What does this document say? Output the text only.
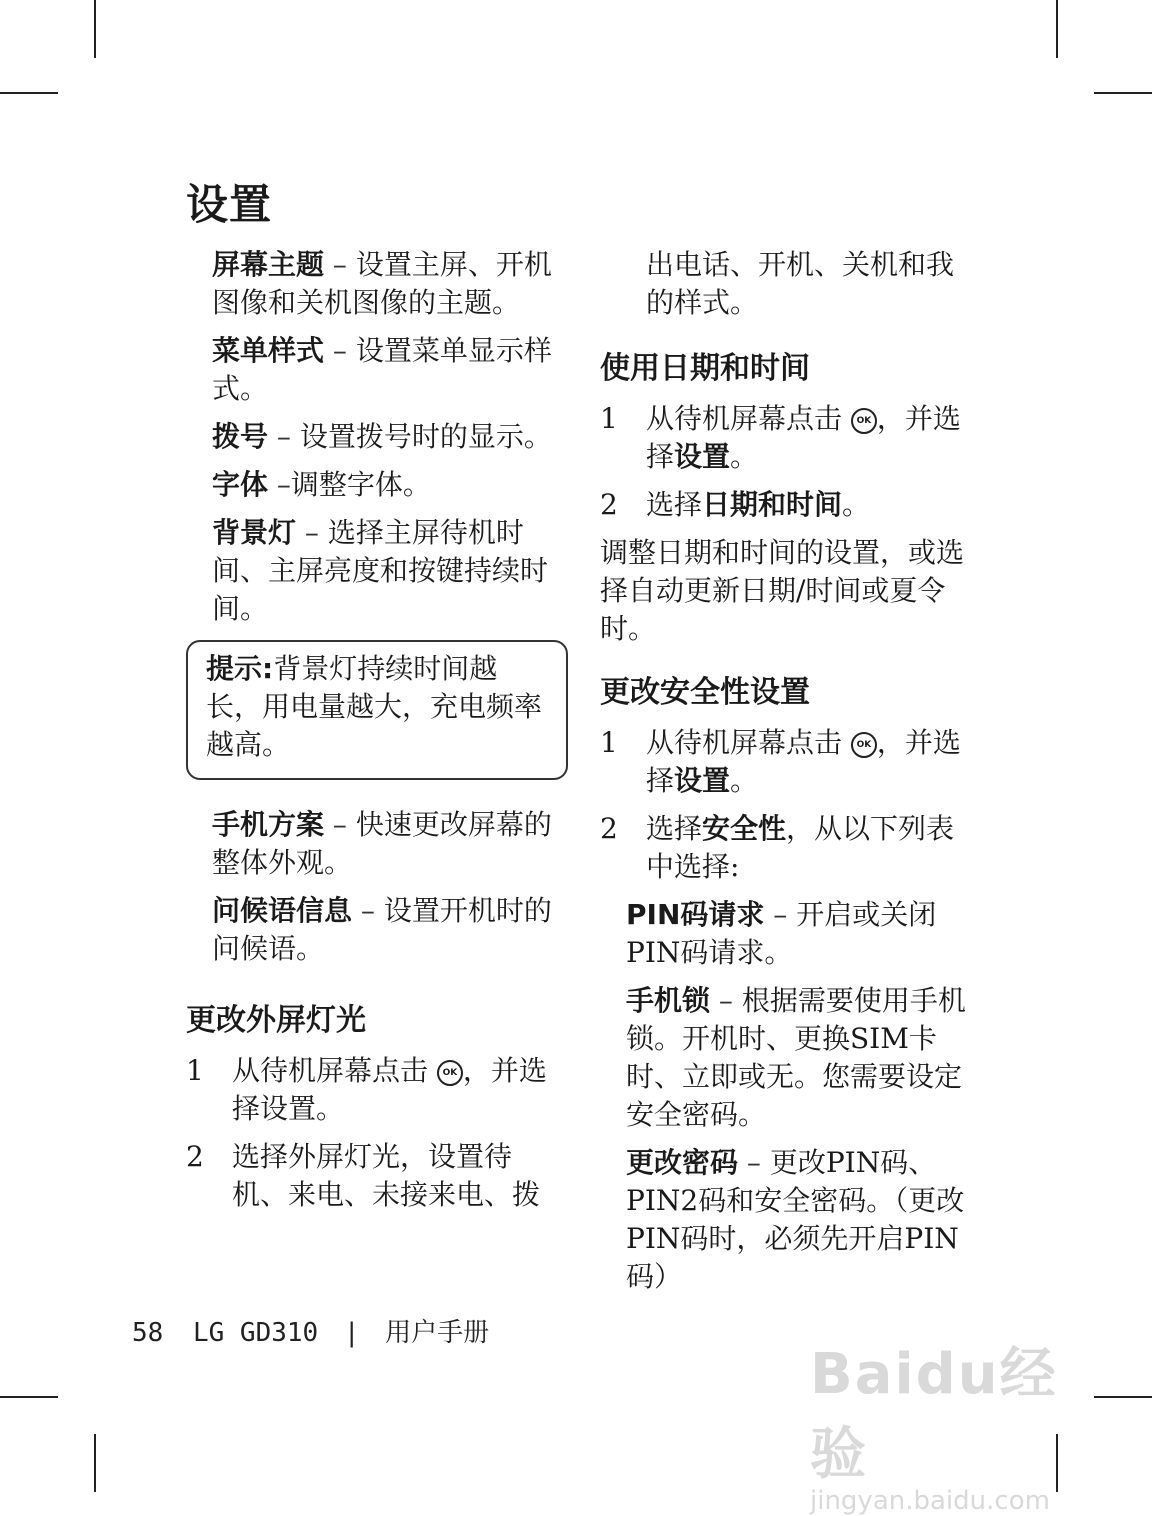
设置
屏幕主题 – 设置主屏、开机图像和关机图像的主题。
菜单样式 – 设置菜单显示样式。
拨号 – 设置拨号时的显示。
字体 –调整字体。
背景灯 – 选择主屏待机时间、主屏亮度和按键持续时间。
提示:背景灯持续时间越长，用电量越大，充电频率越高。
手机方案 – 快速更改屏幕的整体外观。
问候语信息 – 设置开机时的问候语。
更改外屏灯光
1	从待机屏幕点击 OK ，并选择设置。
2	选择外屏灯光，设置待机、来电、未接来电、拨
出电话、开机、关机和我的样式。
使用日期和时间
1	从待机屏幕点击 OK ，并选择设置。
2	选择日期和时间。
调整日期和时间的设置，或选择自动更新日期/时间或夏令时。
更改安全性设置
1	从待机屏幕点击 OK ，并选择设置。
2	选择安全性，从以下列表中选择:
PIN码请求 – 开启或关闭PIN码请求。
手机锁 – 根据需要使用手机锁。开机时、更换SIM卡时、立即或无。您需要设定安全密码。
更改密码 – 更改PIN码、PIN2码和安全密码。（更改PIN码时，必须先开启PIN码）
58 LG GD310 | 用户手册
Baidu经验
jingyan.baidu.com
